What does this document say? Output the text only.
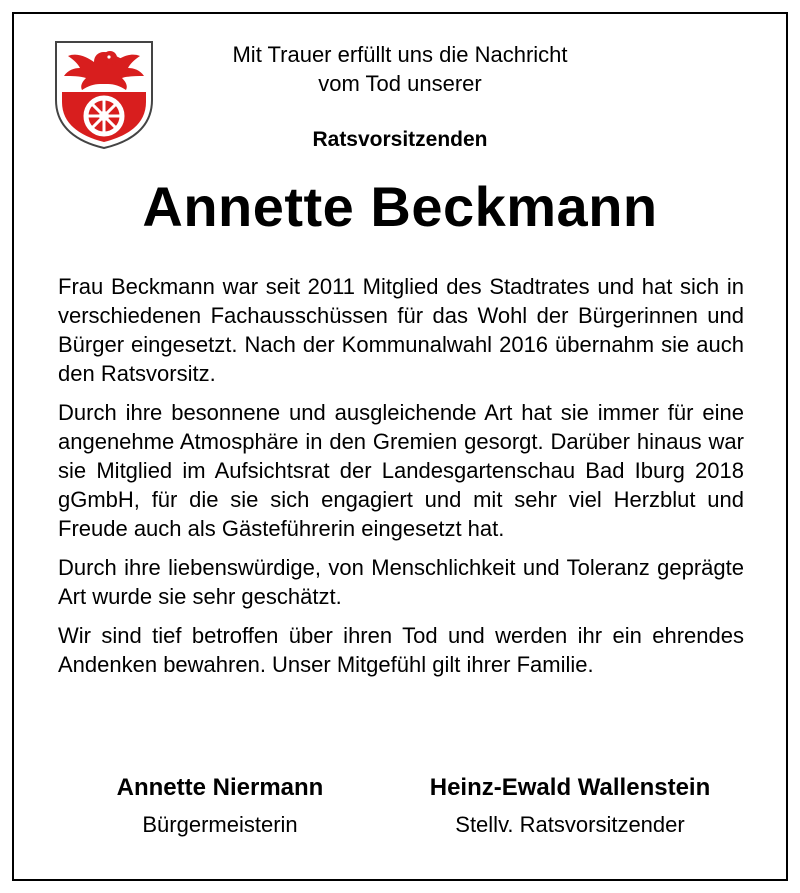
Mit Trauer erfüllt uns die Nachricht
vom Tod unserer
Ratsvorsitzenden
Annette Beckmann

Frau Beckmann war seit 2011 Mitglied des Stadtrates und hat sich in verschiedenen Fachausschüssen für das Wohl der Bürgerinnen und Bürger eingesetzt. Nach der Kommunalwahl 2016 übernahm sie auch den Ratsvorsitz.

Durch ihre besonnene und ausgleichende Art hat sie immer für eine angenehme Atmosphäre in den Gremien gesorgt. Darüber hinaus war sie Mitglied im Aufsichtsrat der Landesgartenschau Bad Iburg 2018 gGmbH, für die sie sich engagiert und mit sehr viel Herzblut und Freude auch als Gästeführerin eingesetzt hat.

Durch ihre liebenswürdige, von Menschlichkeit und Toleranz geprägte Art wurde sie sehr geschätzt.

Wir sind tief betroffen über ihren Tod und werden ihr ein ehrendes Andenken bewahren. Unser Mitgefühl gilt ihrer Familie.

Annette Niermann
Bürgermeisterin
Heinz-Ewald Wallenstein
Stellv. Ratsvorsitzender
